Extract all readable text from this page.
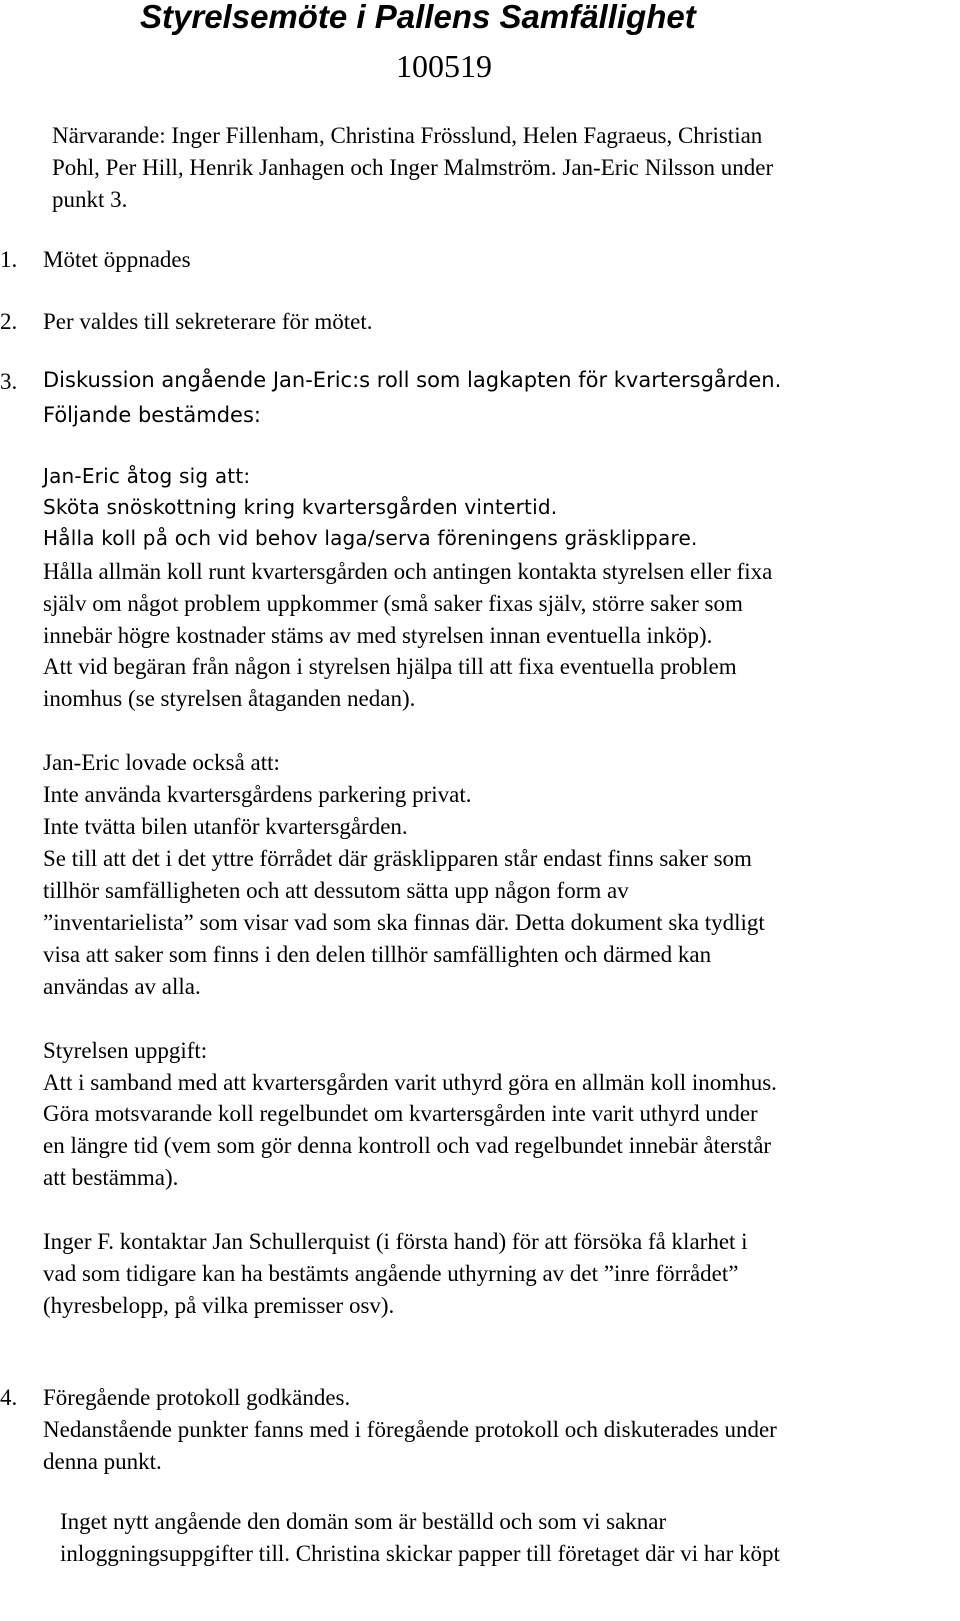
Styrelsemöte i Pallens Samfällighet
100519
Närvarande: Inger Fillenham, Christina Frösslund, Helen Fagraeus, Christian
Pohl, Per Hill, Henrik Janhagen och Inger Malmström. Jan-Eric Nilsson under
punkt 3.
1. Mötet öppnades
2. Per valdes till sekreterare för mötet.
3. Diskussion angående Jan-Eric:s roll som lagkapten för kvartersgården.
Följande bestämdes:
Jan-Eric åtog sig att:
Sköta snöskottning kring kvartersgården vintertid.
Hålla koll på och vid behov laga/serva föreningens gräsklippare.
Hålla allmän koll runt kvartersgården och antingen kontakta styrelsen eller fixa
själv om något problem uppkommer (små saker fixas själv, större saker som
innebär högre kostnader stäms av med styrelsen innan eventuella inköp).
Att vid begäran från någon i styrelsen hjälpa till att fixa eventuella problem
inomhus (se styrelsen åtaganden nedan).
Jan-Eric lovade också att:
Inte använda kvartersgårdens parkering privat.
Inte tvätta bilen utanför kvartersgården.
Se till att det i det yttre förrådet där gräsklipparen står endast finns saker som
tillhör samfälligheten och att dessutom sätta upp någon form av
”inventarielista” som visar vad som ska finnas där. Detta dokument ska tydligt
visa att saker som finns i den delen tillhör samfällighten och därmed kan
användas av alla.
Styrelsen uppgift:
Att i samband med att kvartersgården varit uthyrd göra en allmän koll inomhus.
Göra motsvarande koll regelbundet om kvartersgården inte varit uthyrd under
en längre tid (vem som gör denna kontroll och vad regelbundet innebär återstår
att bestämma).
Inger F. kontaktar Jan Schullerquist (i första hand) för att försöka få klarhet i
vad som tidigare kan ha bestämts angående uthyrning av det ”inre förrådet”
(hyresbelopp, på vilka premisser osv).
4. Föregående protokoll godkändes.
Nedanstående punkter fanns med i föregående protokoll och diskuterades under
denna punkt.
Inget nytt angående den domän som är beställd och som vi saknar
inloggningsuppgifter till. Christina skickar papper till företaget där vi har köpt
